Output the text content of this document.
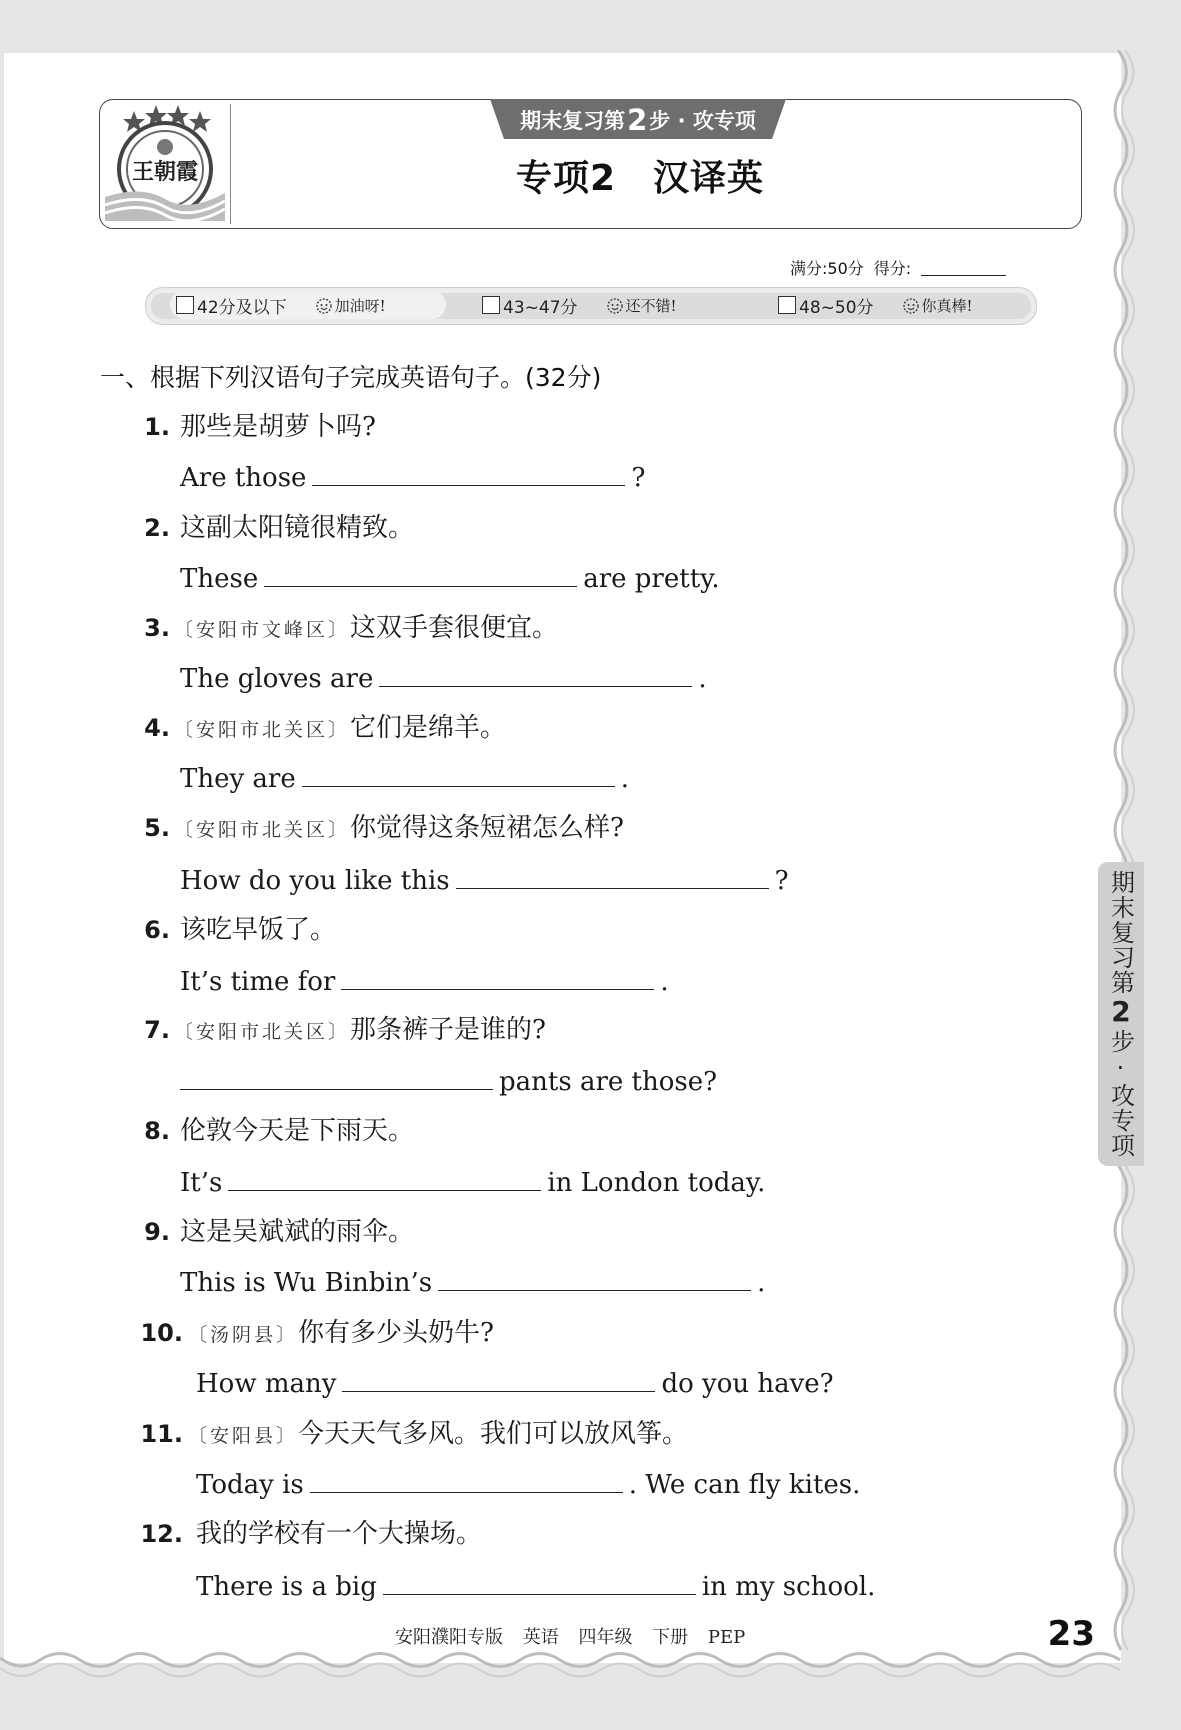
王朝霞
期末复习第 2 步 · 攻专项
专项2　汉译英
满分:50分 得分:
42分及以下	加油呀!	43~47分	还不错!	48~50分	你真棒!
一、根据下列汉语句子完成英语句子。(32分)
1. 那些是胡萝卜吗?
Are those	?
2. 这副太阳镜很精致。
These	are pretty.
3. 〔安阳市文峰区〕这双手套很便宜。
The gloves are	.
4. 〔安阳市北关区〕它们是绵羊。
They are	.
5. 〔安阳市北关区〕你觉得这条短裙怎么样?
How do you like this	?
6. 该吃早饭了。
It’s time for	.
7. 〔安阳市北关区〕那条裤子是谁的?
pants are those?
8. 伦敦今天是下雨天。
It’s	in London today.
9. 这是吴斌斌的雨伞。
This is Wu Binbin’s	.
10. 〔汤阴县〕你有多少头奶牛?
How many	do you have?
11. 〔安阳县〕今天天气多风。我们可以放风筝。
Today is	. We can fly kites.
12. 我的学校有一个大操场。
There is a big	in my school.
期末复习第
2
步·攻专项
安阳濮阳专版 英语 四年级 下册 PEP	23
